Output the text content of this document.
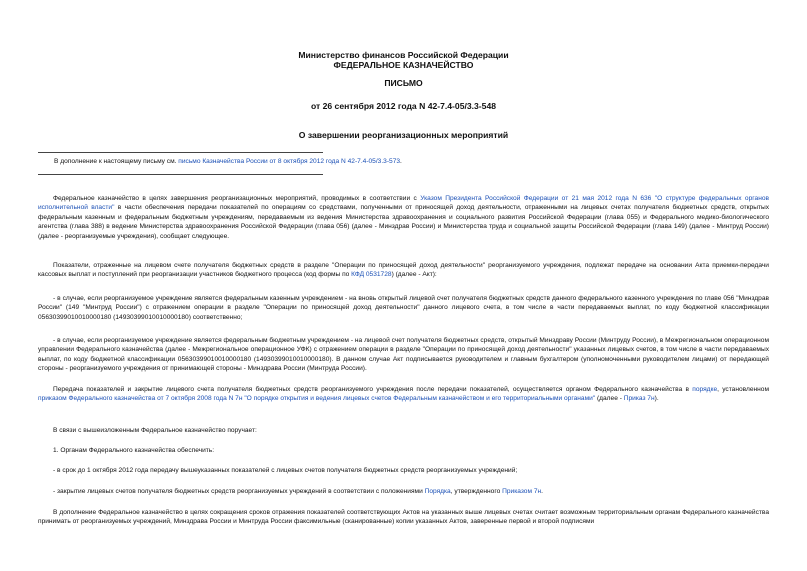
Министерство финансов Российской Федерации
ФЕДЕРАЛЬНОЕ КАЗНАЧЕЙСТВО
ПИСЬМО
от 26 сентября 2012 года N 42-7.4-05/3.3-548
О завершении реорганизационных мероприятий
В дополнение к настоящему письму см. письмо Казначейства России от 8 октября 2012 года N 42-7.4-05/3.3-573.

Федеральное казначейство в целях завершения реорганизационных мероприятий, проводимых в соответствии с Указом Президента Российской Федерации от 21 мая 2012 года N 636 "О структуре федеральных органов исполнительной власти" в части обеспечения передачи показателей по операциям со средствами, полученными от приносящей доход деятельности, отраженными на лицевых счетах получателя бюджетных средств, открытых федеральным казенным и федеральным бюджетным учреждениям, передаваемым из ведения Министерства здравоохранения и социального развития Российской Федерации (глава 055) и Федерального медико-биологического агентства (глава 388) в ведение Министерства здравоохранения Российской Федерации (глава 056) (далее - Минздрав России) и Министерства труда и социальной защиты Российской Федерации (глава 149) (далее - Минтруд России) (далее - реорганизуемые учреждения), сообщает следующее.

Показатели, отраженные на лицевом счете получателя бюджетных средств в разделе "Операции по приносящей доход деятельности" реорганизуемого учреждения, подлежат передаче на основании Акта приемки-передачи кассовых выплат и поступлений при реорганизации участников бюджетного процесса (код формы по КФД 0531728) (далее - Акт):

- в случае, если реорганизуемое учреждение является федеральным казенным учреждением - на вновь открытый лицевой счет получателя бюджетных средств данного федерального казенного учреждения по главе 056 "Минздрав России" (149 "Минтруд России") с отражением операции в разделе "Операции по приносящей доход деятельности" данного лицевого счета, в том числе в части передаваемых выплат, по коду бюджетной классификации 05630399010010000180 (14930399010010000180) соответственно;

- в случае, если реорганизуемое учреждение является федеральным бюджетным учреждением - на лицевой счет получателя бюджетных средств, открытый Минздраву России (Минтруду России), в Межрегиональном операционном управлении Федерального казначейства (далее - Межрегиональное операционное УФК) с отражением операции в разделе "Операции по приносящей доход деятельности" указанных лицевых счетов, в том числе в части передаваемых выплат, по коду бюджетной классификации 05630399010010000180 (14930399010010000180). В данном случае Акт подписывается руководителем и главным бухгалтером (уполномоченными руководителем лицами) от передающей стороны - реорганизуемого учреждения от принимающей стороны - Минздрава России (Минтруда России).

Передача показателей и закрытие лицевого счета получателя бюджетных средств реорганизуемого учреждения после передачи показателей, осуществляется органом Федерального казначейства в порядке, установленном приказом Федерального казначейства от 7 октября 2008 года N 7н "О порядке открытия и ведения лицевых счетов Федеральным казначейством и его территориальными органами" (далее - Приказ 7н).

В связи с вышеизложенным Федеральное казначейство поручает:

1. Органам Федерального казначейства обеспечить:

- в срок до 1 октября 2012 года передачу вышеуказанных показателей с лицевых счетов получателя бюджетных средств реорганизуемых учреждений;

- закрытие лицевых счетов получателя бюджетных средств реорганизуемых учреждений в соответствии с положениями Порядка, утвержденного Приказом 7н.

В дополнение Федеральное казначейство в целях сокращения сроков отражения показателей соответствующих Актов на указанных выше лицевых счетах считает возможным территориальным органам Федерального казначейства принимать от реорганизуемых учреждений, Минздрава России и Минтруда России факсимильные (сканированные) копии указанных Актов, заверенные первой и второй подписями
